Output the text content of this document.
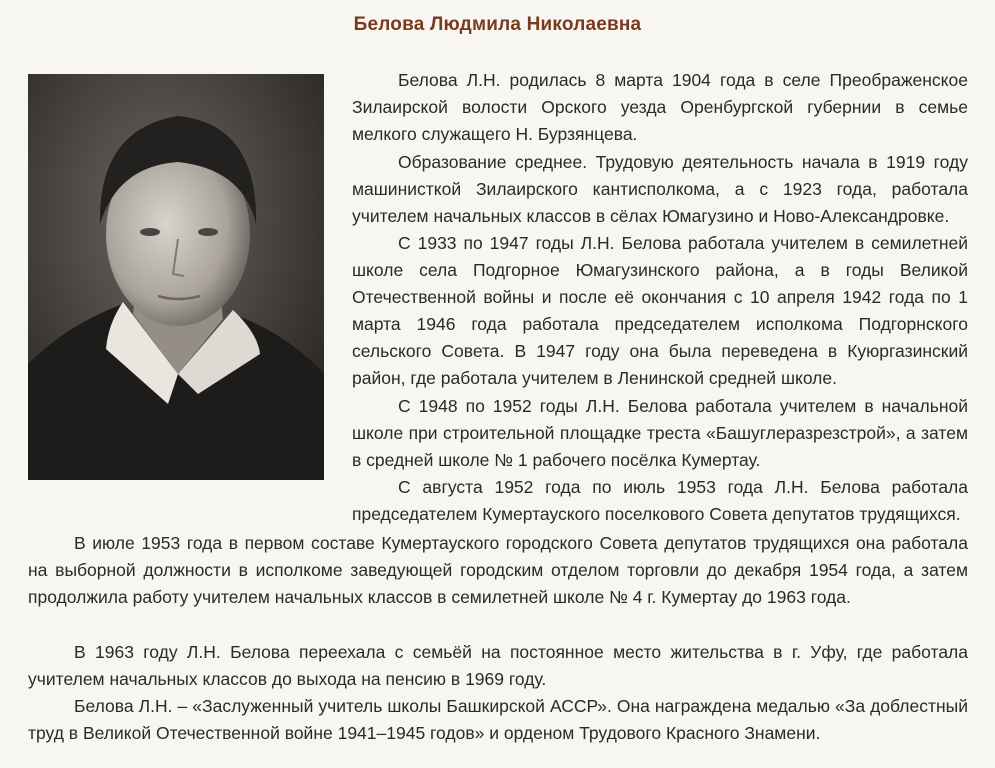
Белова Людмила Николаевна

Белова Л.Н. родилась 8 марта 1904 года в селе Преображенское Зилаирской волости Орского уезда Оренбургской губернии в семье мелкого служащего Н. Бурзянцева.

Образование среднее. Трудовую деятельность начала в 1919 году машинисткой Зилаирского кантисполкома, а с 1923 года, работала учителем начальных классов в сёлах Юмагузино и Ново-Александровке.

С 1933 по 1947 годы Л.Н. Белова работала учителем в семилетней школе села Подгорное Юмагузинского района, а в годы Великой Отечественной войны и после её окончания с 10 апреля 1942 года по 1 марта 1946 года работала председателем исполкома Подгорнского сельского Совета. В 1947 году она была переведена в Куюргазинский район, где работала учителем в Ленинской средней школе.

С 1948 по 1952 годы Л.Н. Белова работала учителем в начальной школе при строительной площадке треста «Башуглеразрезстрой», а затем в средней школе № 1 рабочего посёлка Кумертау.

С августа 1952 года по июль 1953 года Л.Н. Белова работала председателем Кумертауского поселкового Совета депутатов трудящихся.

В июле 1953 года в первом составе Кумертауского городского Совета депутатов трудящихся она работала на выборной должности в исполкоме заведующей городским отделом торговли до декабря 1954 года, а затем продолжила работу учителем начальных классов в семилетней школе № 4 г. Кумертау до 1963 года.

В 1963 году Л.Н. Белова переехала с семьёй на постоянное место жительства в г. Уфу, где работала учителем начальных классов до выхода на пенсию в 1969 году.

Белова Л.Н. – «Заслуженный учитель школы Башкирской АССР». Она награждена медалью «За доблестный труд в Великой Отечественной войне 1941–1945 годов» и орденом Трудового Красного Знамени.
